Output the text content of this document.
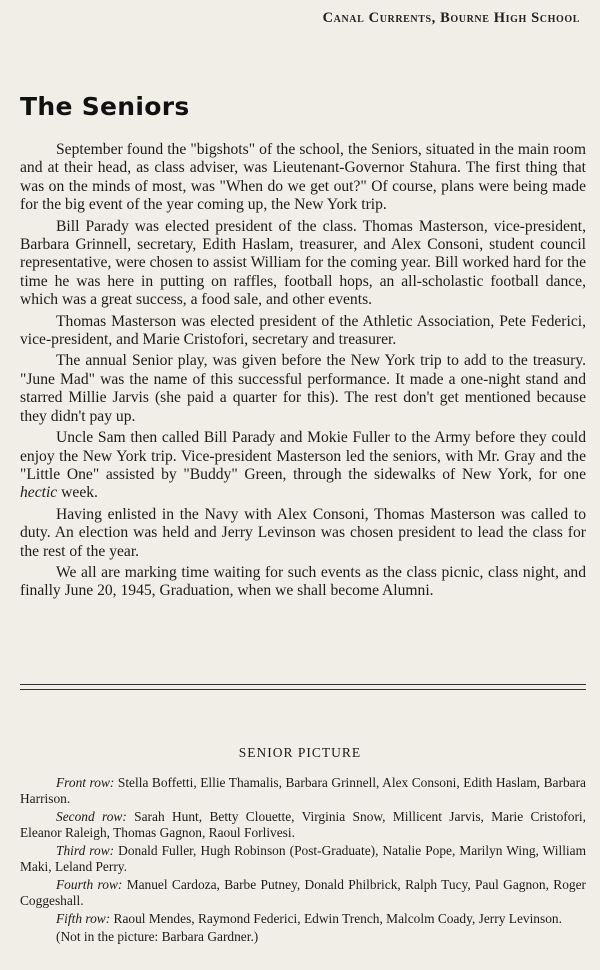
Canal Currents, Bourne High School
The Seniors

September found the "bigshots" of the school, the Seniors, situated in the main room and at their head, as class adviser, was Lieutenant-Governor Stahura. The first thing that was on the minds of most, was "When do we get out?" Of course, plans were being made for the big event of the year coming up, the New York trip.

Bill Parady was elected president of the class. Thomas Masterson, vice-president, Barbara Grinnell, secretary, Edith Haslam, treasurer, and Alex Consoni, student council representative, were chosen to assist William for the coming year. Bill worked hard for the time he was here in putting on raffles, football hops, an all-scholastic football dance, which was a great success, a food sale, and other events.

Thomas Masterson was elected president of the Athletic Association, Pete Federici, vice-president, and Marie Cristofori, secretary and treasurer.

The annual Senior play, was given before the New York trip to add to the treasury. "June Mad" was the name of this successful performance. It made a one-night stand and starred Millie Jarvis (she paid a quarter for this). The rest don't get mentioned because they didn't pay up.

Uncle Sam then called Bill Parady and Mokie Fuller to the Army before they could enjoy the New York trip. Vice-president Masterson led the seniors, with Mr. Gray and the "Little One" assisted by "Buddy" Green, through the sidewalks of New York, for one hectic week.

Having enlisted in the Navy with Alex Consoni, Thomas Masterson was called to duty. An election was held and Jerry Levinson was chosen president to lead the class for the rest of the year.

We all are marking time waiting for such events as the class picnic, class night, and finally June 20, 1945, Graduation, when we shall become Alumni.

SENIOR PICTURE

Front row: Stella Boffetti, Ellie Thamalis, Barbara Grinnell, Alex Consoni, Edith Haslam, Barbara Harrison.

Second row: Sarah Hunt, Betty Clouette, Virginia Snow, Millicent Jarvis, Marie Cristofori, Eleanor Raleigh, Thomas Gagnon, Raoul Forlivesi.

Third row: Donald Fuller, Hugh Robinson (Post-Graduate), Natalie Pope, Marilyn Wing, William Maki, Leland Perry.

Fourth row: Manuel Cardoza, Barbe Putney, Donald Philbrick, Ralph Tucy, Paul Gagnon, Roger Coggeshall.

Fifth row: Raoul Mendes, Raymond Federici, Edwin Trench, Malcolm Coady, Jerry Levinson.

(Not in the picture: Barbara Gardner.)
